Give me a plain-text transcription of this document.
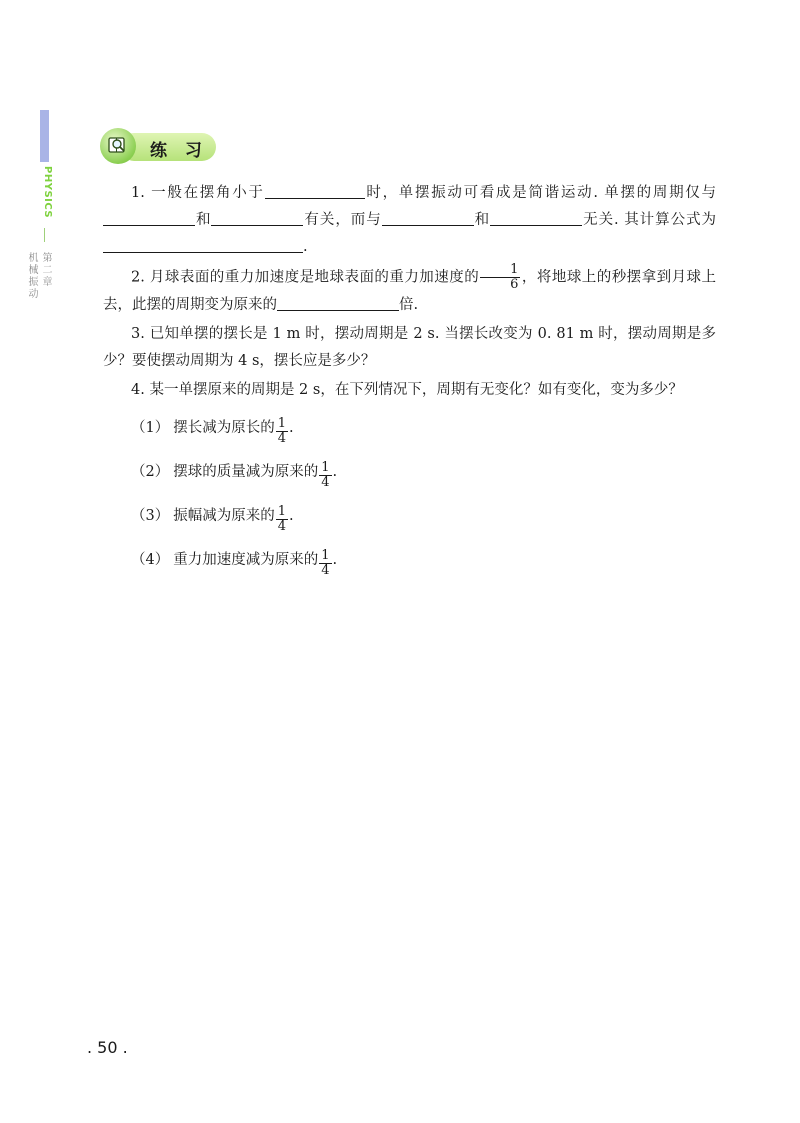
PHYSICS
第二章
机械振动
练 习

1. 一般在摆角小于	时，单摆振动可看成是简谐运动. 单摆的周期仅与和	有关，而与	和	无关. 其计算公式为.

2. 月球表面的重力加速度是地球表面的重力加速度的 $\frac{1}{6}$ ，将地球上的秒摆拿到月球上去，此摆的周期变为原来的	倍.

3. 已知单摆的摆长是 1 m 时，摆动周期是 2 s. 当摆长改变为 0. 81 m 时，摆动周期是多少？要使摆动周期为 4 s，摆长应是多少？

4. 某一单摆原来的周期是 2 s，在下列情况下，周期有无变化？如有变化，变为多少？

（1） 摆长减为原长的 $\frac{1}{4}$ .

（2） 摆球的质量减为原来的 $\frac{1}{4}$ .

（3） 振幅减为原来的 $\frac{1}{4}$ .

（4） 重力加速度减为原来的 $\frac{1}{4}$ .

. 50 .
